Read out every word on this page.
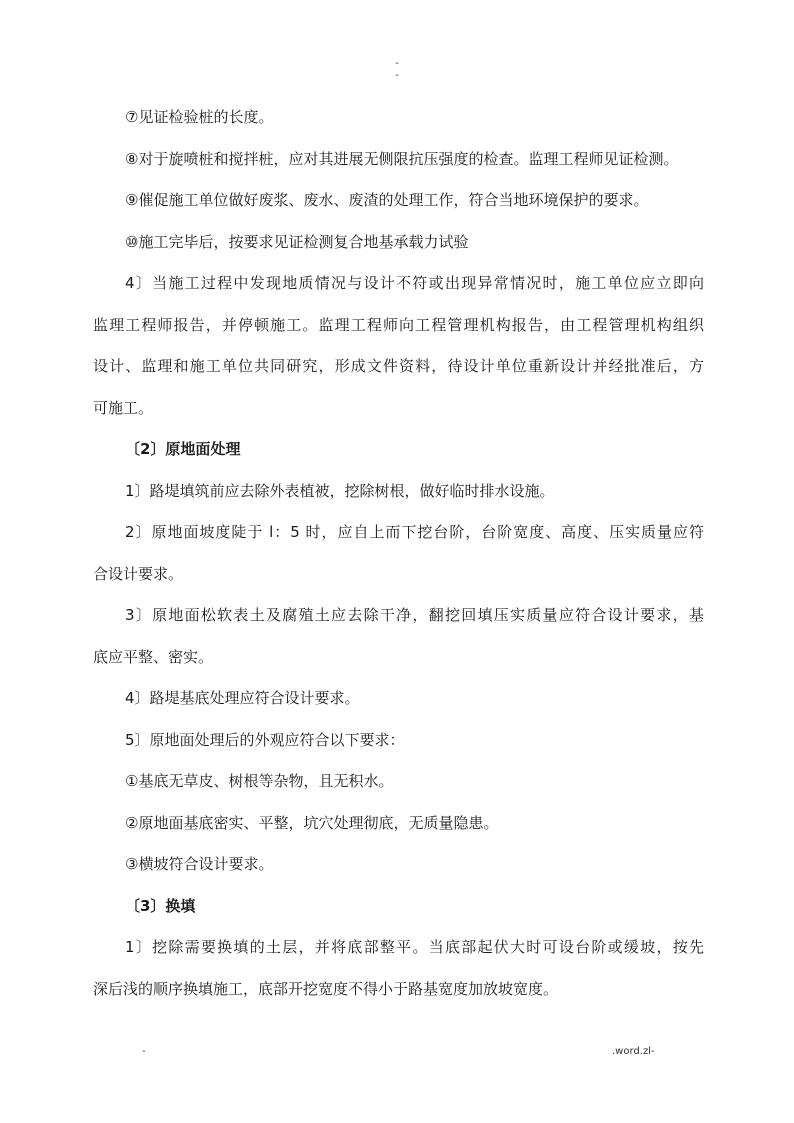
-
-
⑦见证检验桩的长度。
⑧对于旋喷桩和搅拌桩，应对其进展无侧限抗压强度的检查。监理工程师见证检测。
⑨催促施工单位做好废浆、废水、废渣的处理工作，符合当地环境保护的要求。
⑩施工完毕后，按要求见证检测复合地基承载力试验
4〕当施工过程中发现地质情况与设计不符或出现异常情况时，施工单位应立即向
监理工程师报告，并停顿施工。监理工程师向工程管理机构报告，由工程管理机构组织
设计、监理和施工单位共同研究，形成文件资料，待设计单位重新设计并经批准后，方
可施工。
〔2〕原地面处理
1〕路堤填筑前应去除外表植被，挖除树根，做好临时排水设施。
2〕原地面坡度陡于 l：5 时，应自上而下挖台阶，台阶宽度、高度、压实质量应符
合设计要求。
3〕原地面松软表土及腐殖土应去除干净，翻挖回填压实质量应符合设计要求，基
底应平整、密实。
4〕路堤基底处理应符合设计要求。
5〕原地面处理后的外观应符合以下要求：
①基底无草皮、树根等杂物，且无积水。
②原地面基底密实、平整，坑穴处理彻底，无质量隐患。
③横坡符合设计要求。
〔3〕换填
1〕挖除需要换填的土层，并将底部整平。当底部起伏大时可设台阶或缓坡，按先
深后浅的顺序换填施工，底部开挖宽度不得小于路基宽度加放坡宽度。
-	.word.zl-
